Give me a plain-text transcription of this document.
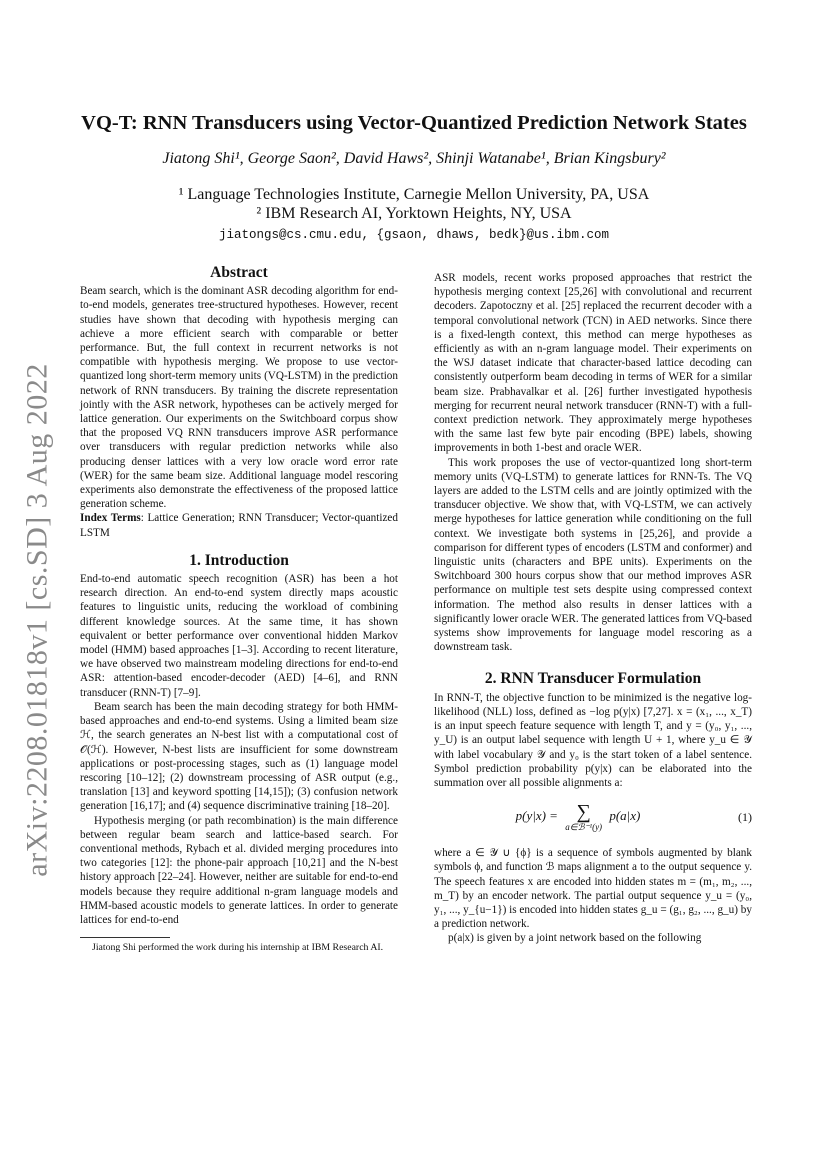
arXiv:2208.01818v1 [cs.SD] 3 Aug 2022
VQ-T: RNN Transducers using Vector-Quantized Prediction Network States
Jiatong Shi¹, George Saon², David Haws², Shinji Watanabe¹, Brian Kingsbury²
¹ Language Technologies Institute, Carnegie Mellon University, PA, USA
² IBM Research AI, Yorktown Heights, NY, USA
jiatongs@cs.cmu.edu, {gsaon, dhaws, bedk}@us.ibm.com
Abstract

Beam search, which is the dominant ASR decoding algorithm for end-to-end models, generates tree-structured hypotheses. However, recent studies have shown that decoding with hypothesis merging can achieve a more efficient search with comparable or better performance. But, the full context in recurrent networks is not compatible with hypothesis merging. We propose to use vector-quantized long short-term memory units (VQ-LSTM) in the prediction network of RNN transducers. By training the discrete representation jointly with the ASR network, hypotheses can be actively merged for lattice generation. Our experiments on the Switchboard corpus show that the proposed VQ RNN transducers improve ASR performance over transducers with regular prediction networks while also producing denser lattices with a very low oracle word error rate (WER) for the same beam size. Additional language model rescoring experiments also demonstrate the effectiveness of the proposed lattice generation scheme.

Index Terms: Lattice Generation; RNN Transducer; Vector-quantized LSTM

1. Introduction

End-to-end automatic speech recognition (ASR) has been a hot research direction. An end-to-end system directly maps acoustic features to linguistic units, reducing the workload of combining different knowledge sources. At the same time, it has shown equivalent or better performance over conventional hidden Markov model (HMM) based approaches [1–3]. According to recent literature, we have observed two mainstream modeling directions for end-to-end ASR: attention-based encoder-decoder (AED) [4–6], and RNN transducer (RNN-T) [7–9].

Beam search has been the main decoding strategy for both HMM-based approaches and end-to-end systems. Using a limited beam size ℋ, the search generates an N-best list with a computational cost of 𝒪(ℋ). However, N-best lists are insufficient for some downstream applications or post-processing stages, such as (1) language model rescoring [10–12]; (2) downstream processing of ASR output (e.g., translation [13] and keyword spotting [14,15]); (3) confusion network generation [16,17]; and (4) sequence discriminative training [18–20].

Hypothesis merging (or path recombination) is the main difference between regular beam search and lattice-based search. For conventional methods, Rybach et al. divided merging procedures into two categories [12]: the phone-pair approach [10,21] and the N-best history approach [22–24]. However, neither are suitable for end-to-end models because they require additional n-gram language models and HMM-based acoustic models to generate lattices. In order to generate lattices for end-to-end

Jiatong Shi performed the work during his internship at IBM Research AI.

ASR models, recent works proposed approaches that restrict the hypothesis merging context [25,26] with convolutional and recurrent decoders. Zapotoczny et al. [25] replaced the recurrent decoder with a temporal convolutional network (TCN) in AED networks. Since there is a fixed-length context, this method can merge hypotheses as efficiently as with an n-gram language model. Their experiments on the WSJ dataset indicate that character-based lattice decoding can consistently outperform beam decoding in terms of WER for a similar beam size. Prabhavalkar et al. [26] further investigated hypothesis merging for recurrent neural network transducer (RNN-T) with a full-context prediction network. They approximately merge hypotheses with the same last few byte pair encoding (BPE) labels, showing improvements in both 1-best and oracle WER.

This work proposes the use of vector-quantized long short-term memory units (VQ-LSTM) to generate lattices for RNN-Ts. The VQ layers are added to the LSTM cells and are jointly optimized with the transducer objective. We show that, with VQ-LSTM, we can actively merge hypotheses for lattice generation while conditioning on the full context. We investigate both systems in [25,26], and provide a comparison for different types of encoders (LSTM and conformer) and linguistic units (characters and BPE units). Experiments on the Switchboard 300 hours corpus show that our method improves ASR performance on multiple test sets despite using compressed context information. The method also results in denser lattices with a significantly lower oracle WER. The generated lattices from VQ-based systems show improvements for language model rescoring as a downstream task.

2. RNN Transducer Formulation

In RNN-T, the objective function to be minimized is the negative log-likelihood (NLL) loss, defined as −log p(y|x) [7,27]. x = (x₁, ..., x_T) is an input speech feature sequence with length T, and y = (y₀, y₁, ..., y_U) is an output label sequence with length U + 1, where y_u ∈ 𝒴 with label vocabulary 𝒴 and y₀ is the start token of a label sentence. Symbol prediction probability p(y|x) can be elaborated into the summation over all possible alignments a:

p(y|x) = ∑
a∈ℬ⁻¹(y)
p(a|x)	(1)

where a ∈ 𝒴 ∪ {ϕ} is a sequence of symbols augmented by blank symbols ϕ, and function ℬ maps alignment a to the output sequence y. The speech features x are encoded into hidden states m = (m₁, m₂, ..., m_T) by an encoder network. The partial output sequence y_u = (y₀, y₁, ..., y_{u−1}) is encoded into hidden states g_u = (g₁, g₂, ..., g_u) by a prediction network.

p(a|x) is given by a joint network based on the following
